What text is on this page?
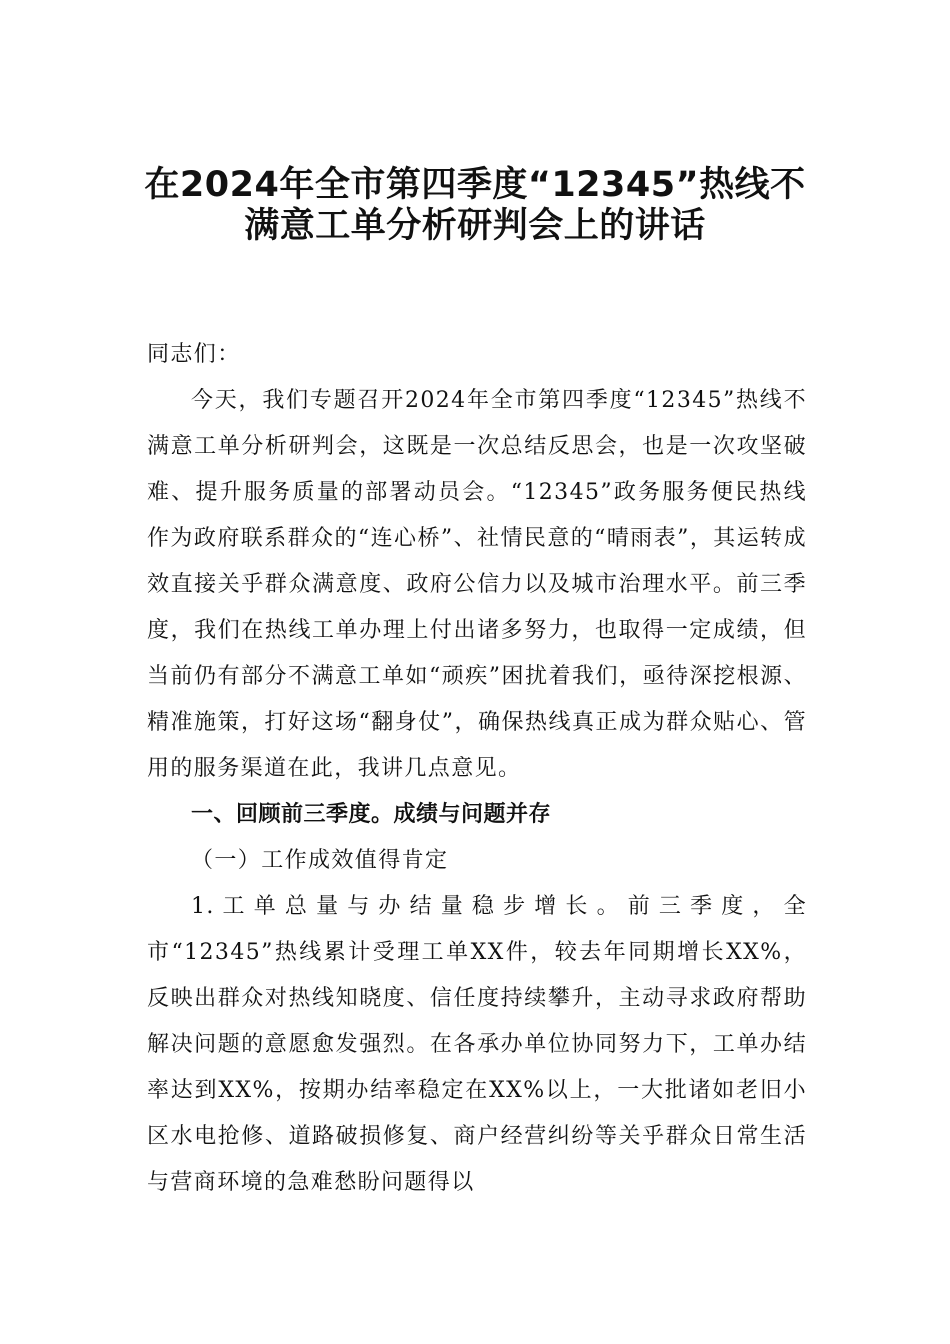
在2024年全市第四季度“12345”热线不
满意工单分析研判会上的讲话

同志们：

今天，我们专题召开2024年全市第四季度“12345”热线不满意工单分析研判会，这既是一次总结反思会，也是一次攻坚破难、提升服务质量的部署动员会。“12345”政务服务便民热线作为政府联系群众的“连心桥”、社情民意的“晴雨表”，其运转成效直接关乎群众满意度、政府公信力以及城市治理水平。前三季度，我们在热线工单办理上付出诸多努力，也取得一定成绩，但当前仍有部分不满意工单如“顽疾”困扰着我们，亟待深挖根源、精准施策，打好这场“翻身仗”，确保热线真正成为群众贴心、管用的服务渠道在此，我讲几点意见。

一、回顾前三季度。成绩与问题并存

（一）工作成效值得肯定

1.工单总量与办结量稳步增长。前三季度，全市“12345”热线累计受理工单XX件，较去年同期增长XX%，反映出群众对热线知晓度、信任度持续攀升，主动寻求政府帮助解决问题的意愿愈发强烈。在各承办单位协同努力下，工单办结率达到XX%，按期办结率稳定在XX%以上，一大批诸如老旧小区水电抢修、道路破损修复、商户经营纠纷等关乎群众日常生活与营商环境的急难愁盼问题得以
